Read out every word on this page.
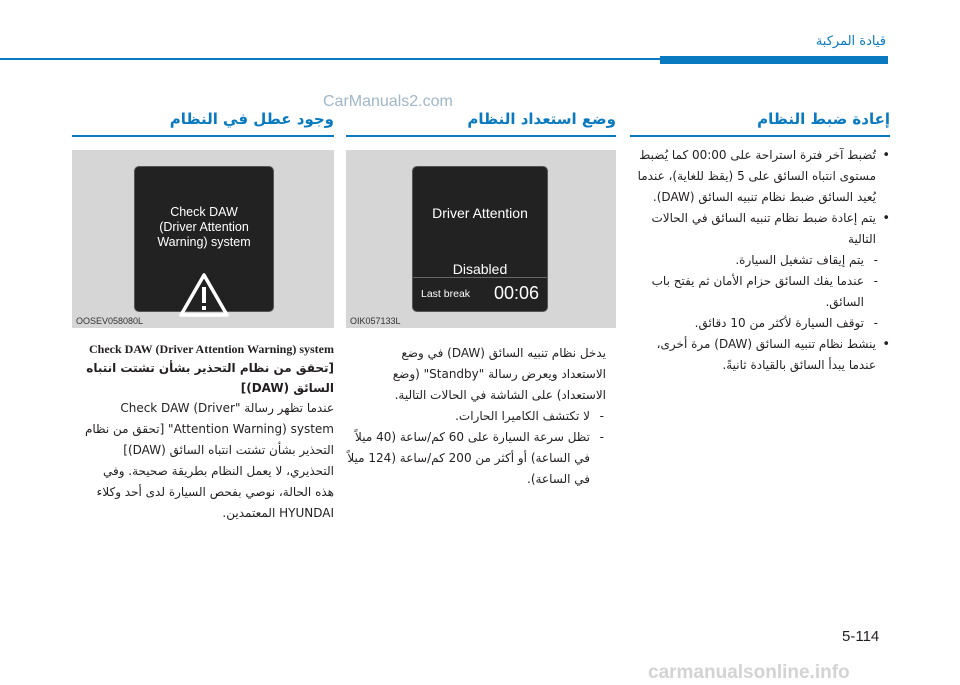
قيادة المركبة
CarManuals2.com
إعادة ضبط النظام
• تُضبط آخر فترة استراحة على 00:00 كما يُضبط مستوى انتباه السائق على 5 (يقظ للغاية)، عندما يُعيد السائق ضبط نظام تنبيه السائق (DAW).
• يتم إعادة ضبط نظام تنبيه السائق في الحالات التالية
- يتم إيقاف تشغيل السيارة.
- عندما يفك السائق حزام الأمان ثم يفتح باب السائق.
- توقف السيارة لأكثر من 10 دقائق.
• ينشط نظام تنبيه السائق (DAW) مرة أخرى، عندما يبدأ السائق بالقيادة ثانيةً.
وضع استعداد النظام
Driver Attention
Disabled
Last break 00:06
OIK057133L
يدخل نظام تنبيه السائق (DAW) في وضع
الاستعداد ويعرض رسالة "Standby" (وضع
الاستعداد) على الشاشة في الحالات التالية.
- لا تكتشف الكاميرا الحارات.
- تظل سرعة السيارة على 60 كم/ساعة (40 ميلاً في الساعة) أو أكثر من 200 كم/ساعة (124 ميلاً في الساعة).
وجود عطل في النظام
Check DAW
(Driver Attention
Warning) system
OOSEV058080L
Check DAW (Driver Attention Warning) system
[تحقق من نظام التحذير بشأن تشتت انتباه السائق (DAW)]
عندما تظهر رسالة "Check DAW (Driver
Attention Warning) system" [تحقق من نظام
التحذير بشأن تشتت انتباه السائق (DAW)]
التحذيري، لا يعمل النظام بطريقة صحيحة. وفي
هذه الحالة، نوصي بفحص السيارة لدى أحد وكلاء
HYUNDAI المعتمدين.
5-114
carmanualsonline.info
